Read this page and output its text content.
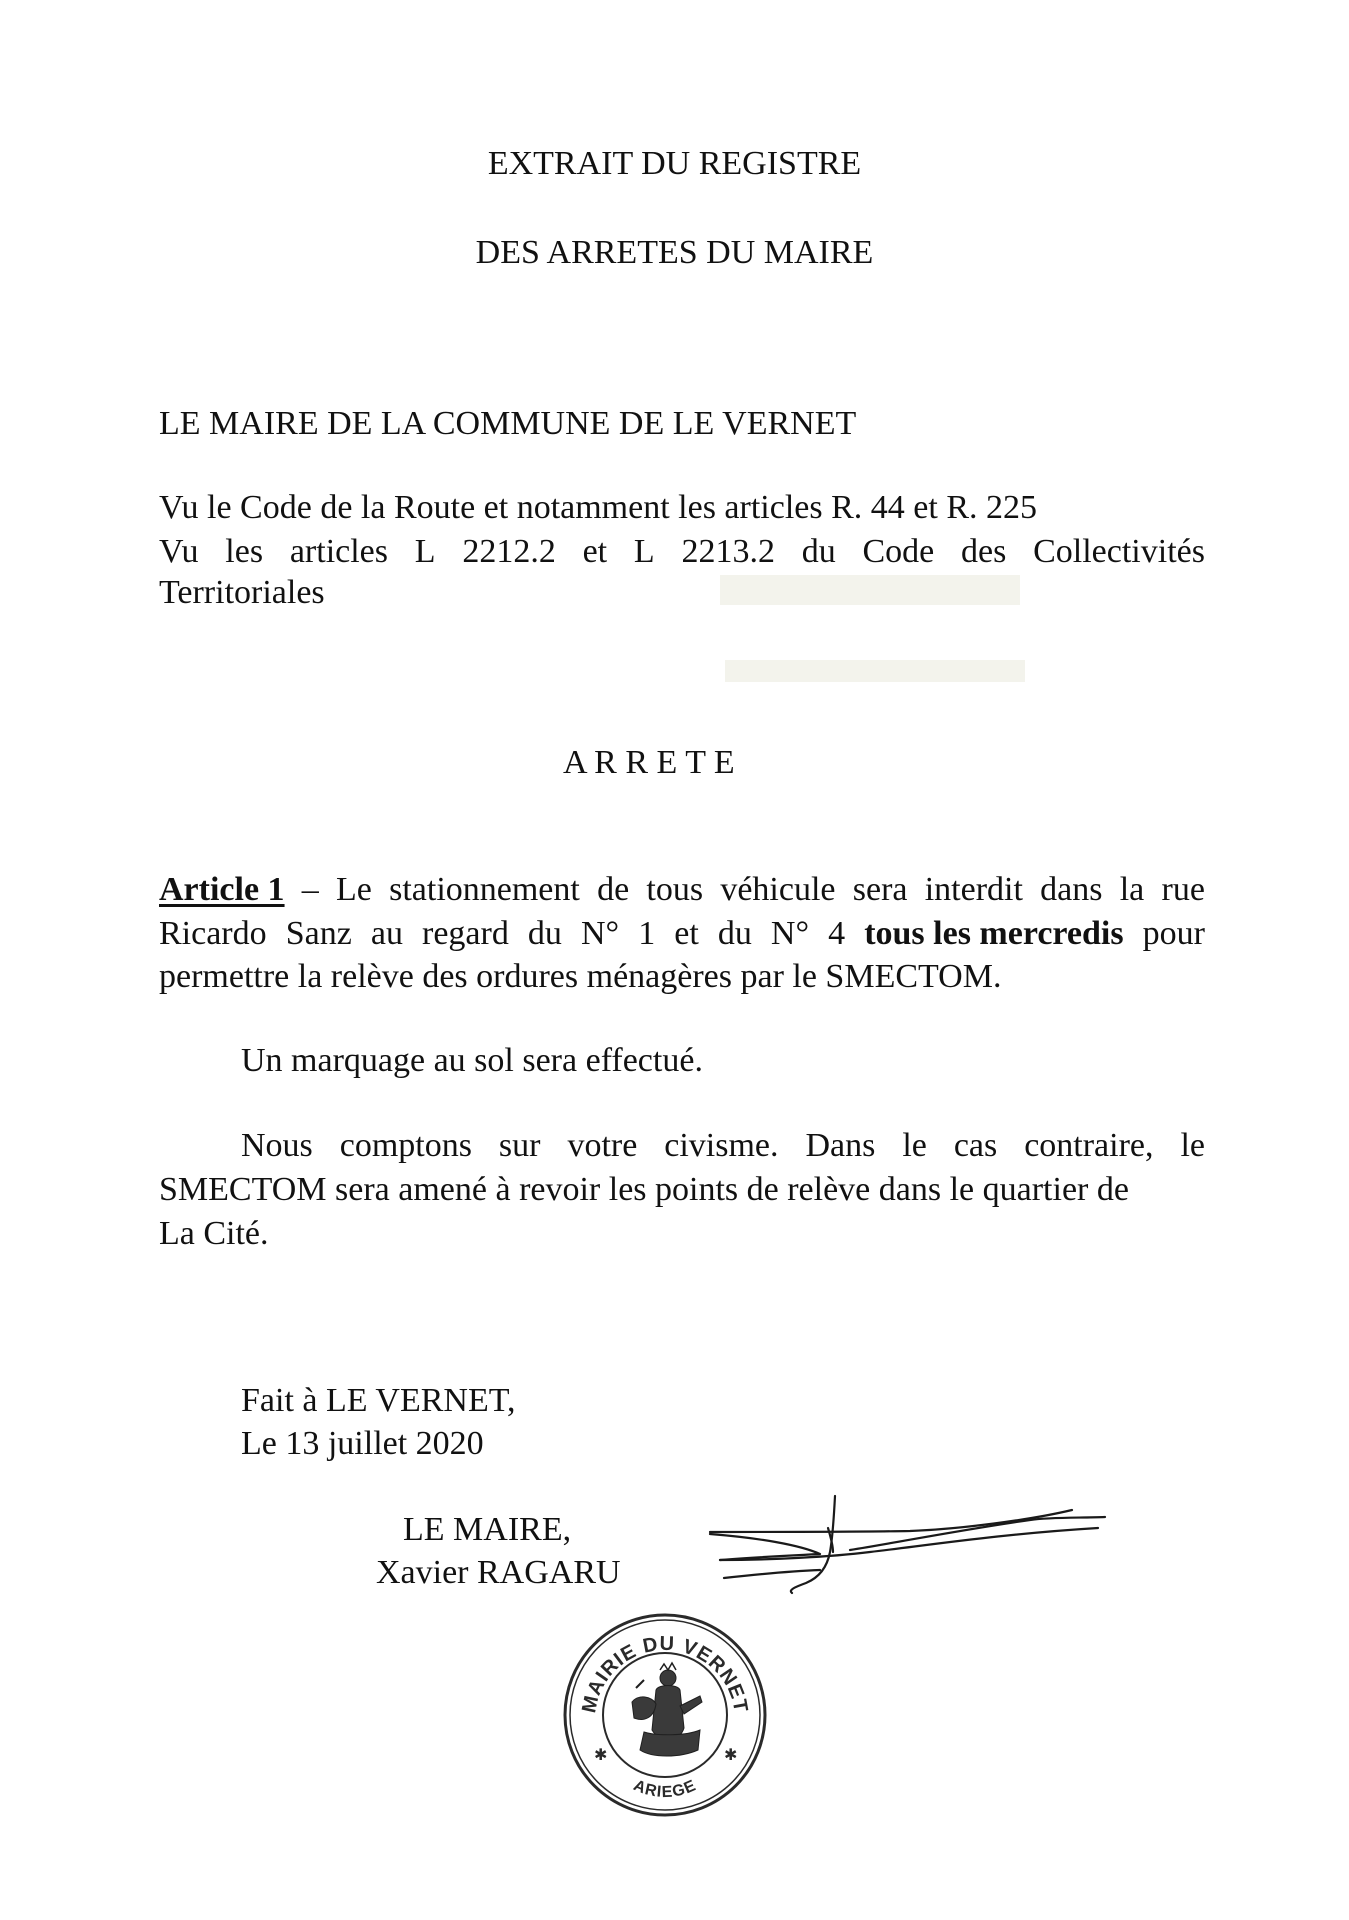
EXTRAIT DU REGISTRE
DES ARRETES DU MAIRE
LE MAIRE DE LA COMMUNE DE LE VERNET
Vu le Code de la Route et notamment les articles R. 44 et R. 225
Vu les articles L 2212.2 et L 2213.2 du Code des Collectivités
Territoriales
A R R E T E
Article 1 – Le stationnement de tous véhicule sera interdit dans la rue
Ricardo Sanz au regard du N° 1 et du N° 4 tous les mercredis pour
permettre la relève des ordures ménagères par le SMECTOM.
Un marquage au sol sera effectué.
Nous comptons sur votre civisme. Dans le cas contraire, le
SMECTOM sera amené à revoir les points de relève dans le quartier de
La Cité.
Fait à LE VERNET,
Le 13 juillet 2020
LE MAIRE,
Xavier RAGARU
MAIRIE DU VERNET
ARIEGE
✱	✱
